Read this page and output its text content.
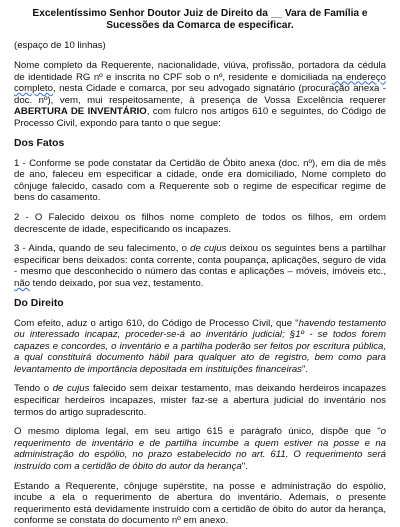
Excelentíssimo Senhor Doutor Juiz de Direito da __ Vara de Família e Sucessões da Comarca de especificar.
(espaço de 10 linhas)

Nome completo da Requerente, nacionalidade, viúva, profissão, portadora da cédula de identidade RG nº e inscrita no CPF sob o nº, residente e domiciliada na endereço completo, nesta Cidade e comarca, por seu advogado signatário (procuração anexa - doc. nº), vem, mui respeitosamente, à presença de Vossa Excelência requerer ABERTURA DE INVENTÁRIO, com fulcro nos artigos 610 e seguintes, do Código de Processo Civil, expondo para tanto o que segue:

Dos Fatos

1 - Conforme se pode constatar da Certidão de Óbito anexa (doc. nº), em dia de mês de ano, faleceu em especificar a cidade, onde era domiciliado, Nome completo do cônjuge falecido, casado com a Requerente sob o regime de especificar regime de bens do casamento.

2 - O Falecido deixou os filhos nome completo de todos os filhos, em ordem decrescente de idade, especificando os incapazes.

3 - Ainda, quando de seu falecimento, o de cujus deixou os seguintes bens a partilhar especificar bens deixados: conta corrente, conta poupança, aplicações, seguro de vida - mesmo que desconhecido o número das contas e aplicações – móveis, imóveis etc., não tendo deixado, por sua vez, testamento.

Do Direito

Com efeito, aduz o artigo 610, do Código de Processo Civil, que "havendo testamento ou interessado incapaz, proceder-se-á ao inventário judicial; §1º - se todos forem capazes e concordes, o inventário e a partilha poderão ser feitos por escritura pública, a qual constituirá documento hábil para qualquer ato de registro, bem como para levantamento de importância depositada em instituições financeiras".

Tendo o de cujus falecido sem deixar testamento, mas deixando herdeiros incapazes especificar herdeiros incapazes, mister faz-se a abertura judicial do inventário nos termos do artigo supradescrito.

O mesmo diploma legal, em seu artigo 615 e parágrafo único, dispõe que "o requerimento de inventário e de partilha incumbe a quem estiver na posse e na administração do espólio, no prazo estabelecido no art. 611. O requerimento será instruído com a certidão de óbito do autor da herança".

Estando a Requerente, cônjuge supérstite, na posse e administração do espólio, incube a ela o requerimento de abertura do inventário. Ademais, o presente requerimento está devidamente instruído com a certidão de óbito do autor da herança, conforme se constata do documento nº em anexo.
